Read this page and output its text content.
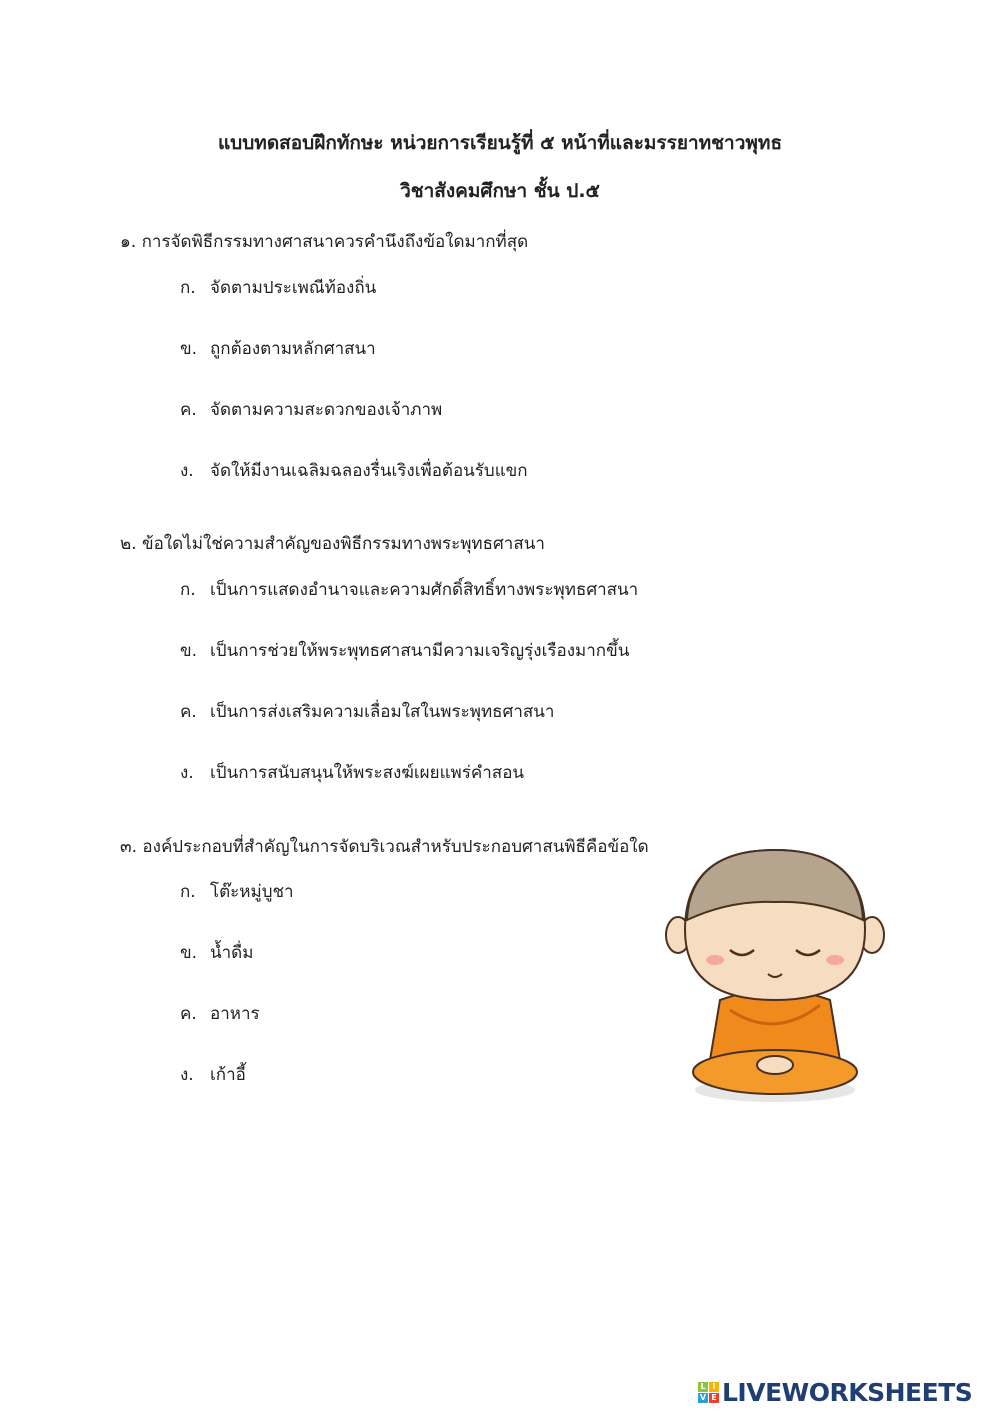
แบบทดสอบฝึกทักษะ หน่วยการเรียนรู้ที่ ๕ หน้าที่และมรรยาทชาวพุทธ
วิชาสังคมศึกษา ชั้น ป.๕
๑. การจัดพิธีกรรมทางศาสนาควรคำนึงถึงข้อใดมากที่สุด
ก. จัดตามประเพณีท้องถิ่น
ข. ถูกต้องตามหลักศาสนา
ค. จัดตามความสะดวกของเจ้าภาพ
ง. จัดให้มีงานเฉลิมฉลองรื่นเริงเพื่อต้อนรับแขก
๒. ข้อใดไม่ใช่ความสำคัญของพิธีกรรมทางพระพุทธศาสนา
ก. เป็นการแสดงอำนาจและความศักดิ์สิทธิ์ทางพระพุทธศาสนา
ข. เป็นการช่วยให้พระพุทธศาสนามีความเจริญรุ่งเรืองมากขึ้น
ค. เป็นการส่งเสริมความเลื่อมใสในพระพุทธศาสนา
ง. เป็นการสนับสนุนให้พระสงฆ์เผยแพร่คำสอน
๓. องค์ประกอบที่สำคัญในการจัดบริเวณสำหรับประกอบศาสนพิธีคือข้อใด
ก. โต๊ะหมู่บูชา
ข. น้ำดื่ม
ค. อาหาร
ง. เก้าอี้
L I
V E LIVEWORKSHEETS
